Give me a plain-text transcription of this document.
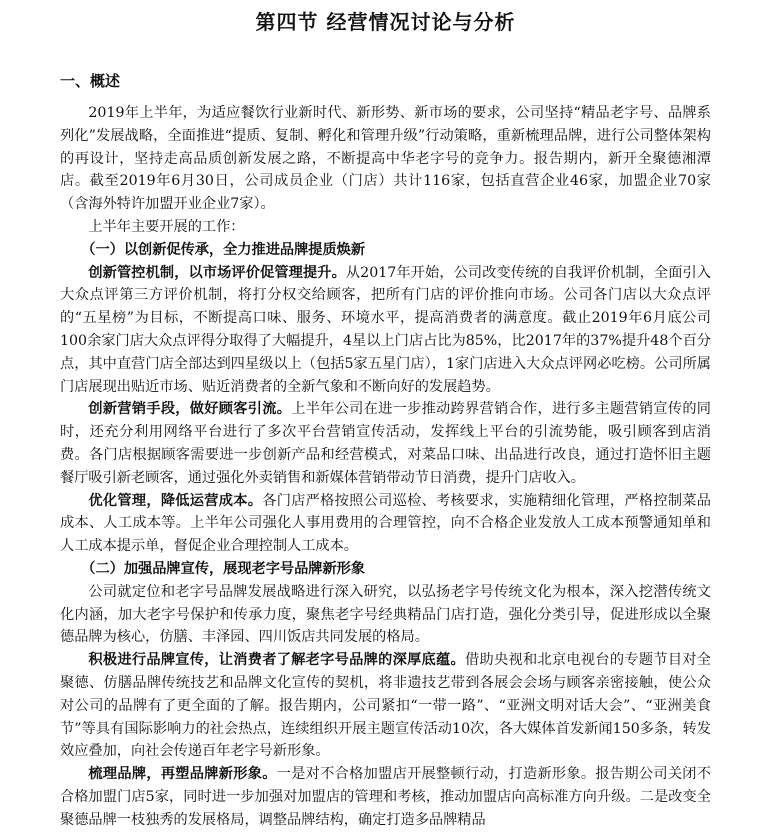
第四节 经营情况讨论与分析
一、概述

2019年上半年，为适应餐饮行业新时代、新形势、新市场的要求，公司坚持“精品老字号、品牌系列化”发展战略，全面推进“提质、复制、孵化和管理升级”行动策略，重新梳理品牌，进行公司整体架构的再设计，坚持走高品质创新发展之路，不断提高中华老字号的竞争力。报告期内，新开全聚德湘潭店。截至2019年6月30日，公司成员企业（门店）共计116家，包括直营企业46家，加盟企业70家（含海外特许加盟开业企业7家）。

上半年主要开展的工作：

（一）以创新促传承，全力推进品牌提质焕新

创新管控机制，以市场评价促管理提升。从2017年开始，公司改变传统的自我评价机制，全面引入大众点评第三方评价机制，将打分权交给顾客，把所有门店的评价推向市场。公司各门店以大众点评的“五星榜”为目标，不断提高口味、服务、环境水平，提高消费者的满意度。截止2019年6月底公司100余家门店大众点评得分取得了大幅提升，4星以上门店占比为85%，比2017年的37%提升48个百分点，其中直营门店全部达到四星级以上（包括5家五星门店），1家门店进入大众点评网必吃榜。公司所属门店展现出贴近市场、贴近消费者的全新气象和不断向好的发展趋势。

创新营销手段，做好顾客引流。上半年公司在进一步推动跨界营销合作，进行多主题营销宣传的同时，还充分利用网络平台进行了多次平台营销宣传活动，发挥线上平台的引流势能，吸引顾客到店消费。各门店根据顾客需要进一步创新产品和经营模式，对菜品口味、出品进行改良，通过打造怀旧主题餐厅吸引新老顾客，通过强化外卖销售和新媒体营销带动节日消费，提升门店收入。

优化管理，降低运营成本。各门店严格按照公司巡检、考核要求，实施精细化管理，严格控制菜品成本、人工成本等。上半年公司强化人事用费用的合理管控，向不合格企业发放人工成本预警通知单和人工成本提示单，督促企业合理控制人工成本。

（二）加强品牌宣传，展现老字号品牌新形象

公司就定位和老字号品牌发展战略进行深入研究，以弘扬老字号传统文化为根本，深入挖潜传统文化内涵，加大老字号保护和传承力度，聚焦老字号经典精品门店打造，强化分类引导，促进形成以全聚德品牌为核心，仿膳、丰泽园、四川饭店共同发展的格局。

积极进行品牌宣传，让消费者了解老字号品牌的深厚底蕴。借助央视和北京电视台的专题节目对全聚德、仿膳品牌传统技艺和品牌文化宣传的契机，将非遗技艺带到各展会会场与顾客亲密接触，使公众对公司的品牌有了更全面的了解。报告期内，公司紧扣“一带一路”、“亚洲文明对话大会”、“亚洲美食节”等具有国际影响力的社会热点，连续组织开展主题宣传活动10次，各大媒体首发新闻150多条，转发效应叠加，向社会传递百年老字号新形象。

梳理品牌，再塑品牌新形象。一是对不合格加盟店开展整顿行动，打造新形象。报告期公司关闭不合格加盟门店5家，同时进一步加强对加盟店的管理和考核，推动加盟店向高标准方向升级。二是改变全聚德品牌一枝独秀的发展格局，调整品牌结构，确定打造多品牌精品
